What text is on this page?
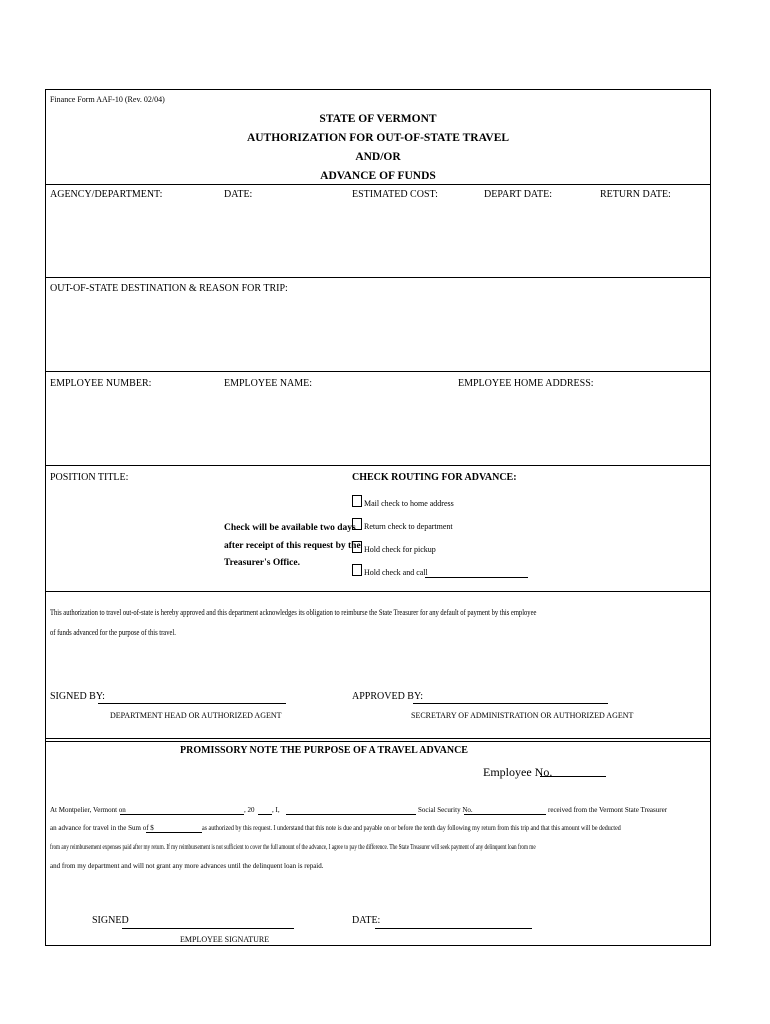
Finance Form AAF-10 (Rev. 02/04)
STATE OF VERMONT
AUTHORIZATION FOR OUT-OF-STATE TRAVEL
AND/OR
ADVANCE OF FUNDS
AGENCY/DEPARTMENT:	DATE:	ESTIMATED COST:	DEPART DATE:	RETURN DATE:
OUT-OF-STATE DESTINATION & REASON FOR TRIP:
EMPLOYEE NUMBER:	EMPLOYEE NAME:	EMPLOYEE HOME ADDRESS:
POSITION TITLE:	CHECK ROUTING FOR ADVANCE:
Mail check to home address
Return check to department
Hold check for pickup
Hold check and call
Check will be available two days
after receipt of this request by the
Treasurer's Office.
This authorization to travel out-of-state is hereby approved and this department acknowledges its obligation to reimburse the State Treasurer for any default of payment by this employee
of funds advanced for the purpose of this travel.
SIGNED BY:
DEPARTMENT HEAD OR AUTHORIZED AGENT
APPROVED BY:
SECRETARY OF ADMINISTRATION OR AUTHORIZED AGENT
PROMISSORY NOTE THE PURPOSE OF A TRAVEL ADVANCE
Employee No.
At Montpelier, Vermont on	, 20	, I,	Social Security No.	received from the Vermont State Treasurer
an advance for travel in the Sum of $	as authorized by this request. I understand that this note is due and payable on or before the tenth day following my return from this trip and that this amount will be deducted
from any reimbursement expenses paid after my return. If my reimbursement is not sufficient to cover the full amount of the advance, I agree to pay the difference. The State Treasurer will seek payment of any delinquent loan from me
and from my department and will not grant any more advances until the delinquent loan is repaid.
SIGNED
EMPLOYEE SIGNATURE
DATE:
